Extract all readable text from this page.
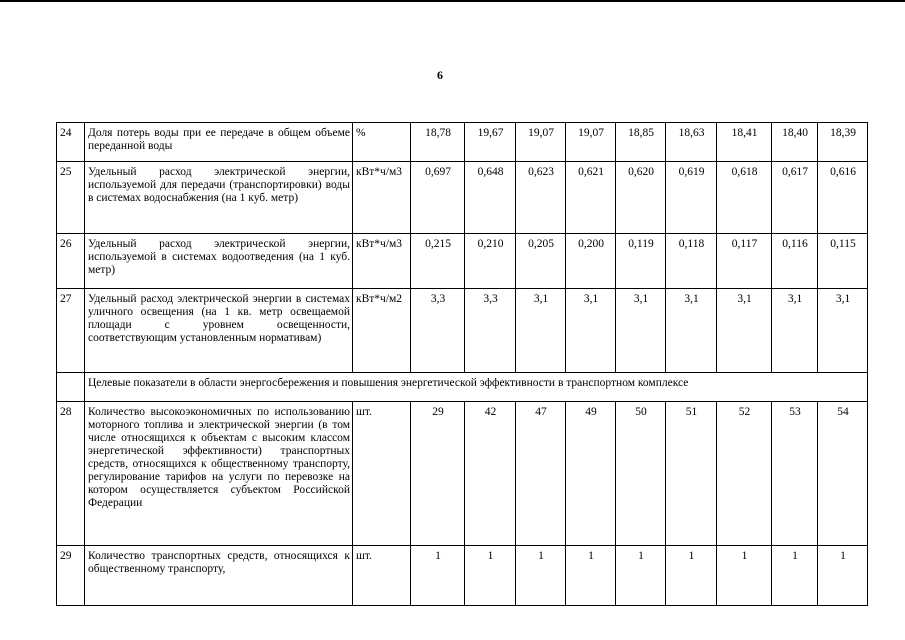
6
24	Доля потерь воды при ее передаче в общем объеме переданной воды	%	18,78	19,67	19,07	19,07	18,85	18,63	18,41	18,40	18,39
25	Удельный расход электрической энергии, используемой для передачи (транспортировки) воды в системах водоснабжения (на 1 куб. метр)	кВт*ч/м3	0,697	0,648	0,623	0,621	0,620	0,619	0,618	0,617	0,616
26	Удельный расход электрической энергии, используемой в системах водоотведения (на 1 куб. метр)	кВт*ч/м3	0,215	0,210	0,205	0,200	0,119	0,118	0,117	0,116	0,115
27	Удельный расход электрической энергии в системах уличного освещения (на 1 кв. метр освещаемой площади с уровнем освещенности, соответствующим установленным нормативам)	кВт*ч/м2	3,3	3,3	3,1	3,1	3,1	3,1	3,1	3,1	3,1
	Целевые показатели в области энергосбережения и повышения энергетической эффективности в транспортном комплексе										
28	Количество высокоэкономичных по использованию моторного топлива и электрической энергии (в том числе относящихся к объектам с высоким классом энергетической эффективности) транспортных средств, относящихся к общественному транспорту, регулирование тарифов на услуги по перевозке на котором осуществляется субъектом Российской Федерации	шт.	29	42	47	49	50	51	52	53	54
29	Количество транспортных средств, относящихся к общественному транспорту,	шт.	1	1	1	1	1	1	1	1	1
